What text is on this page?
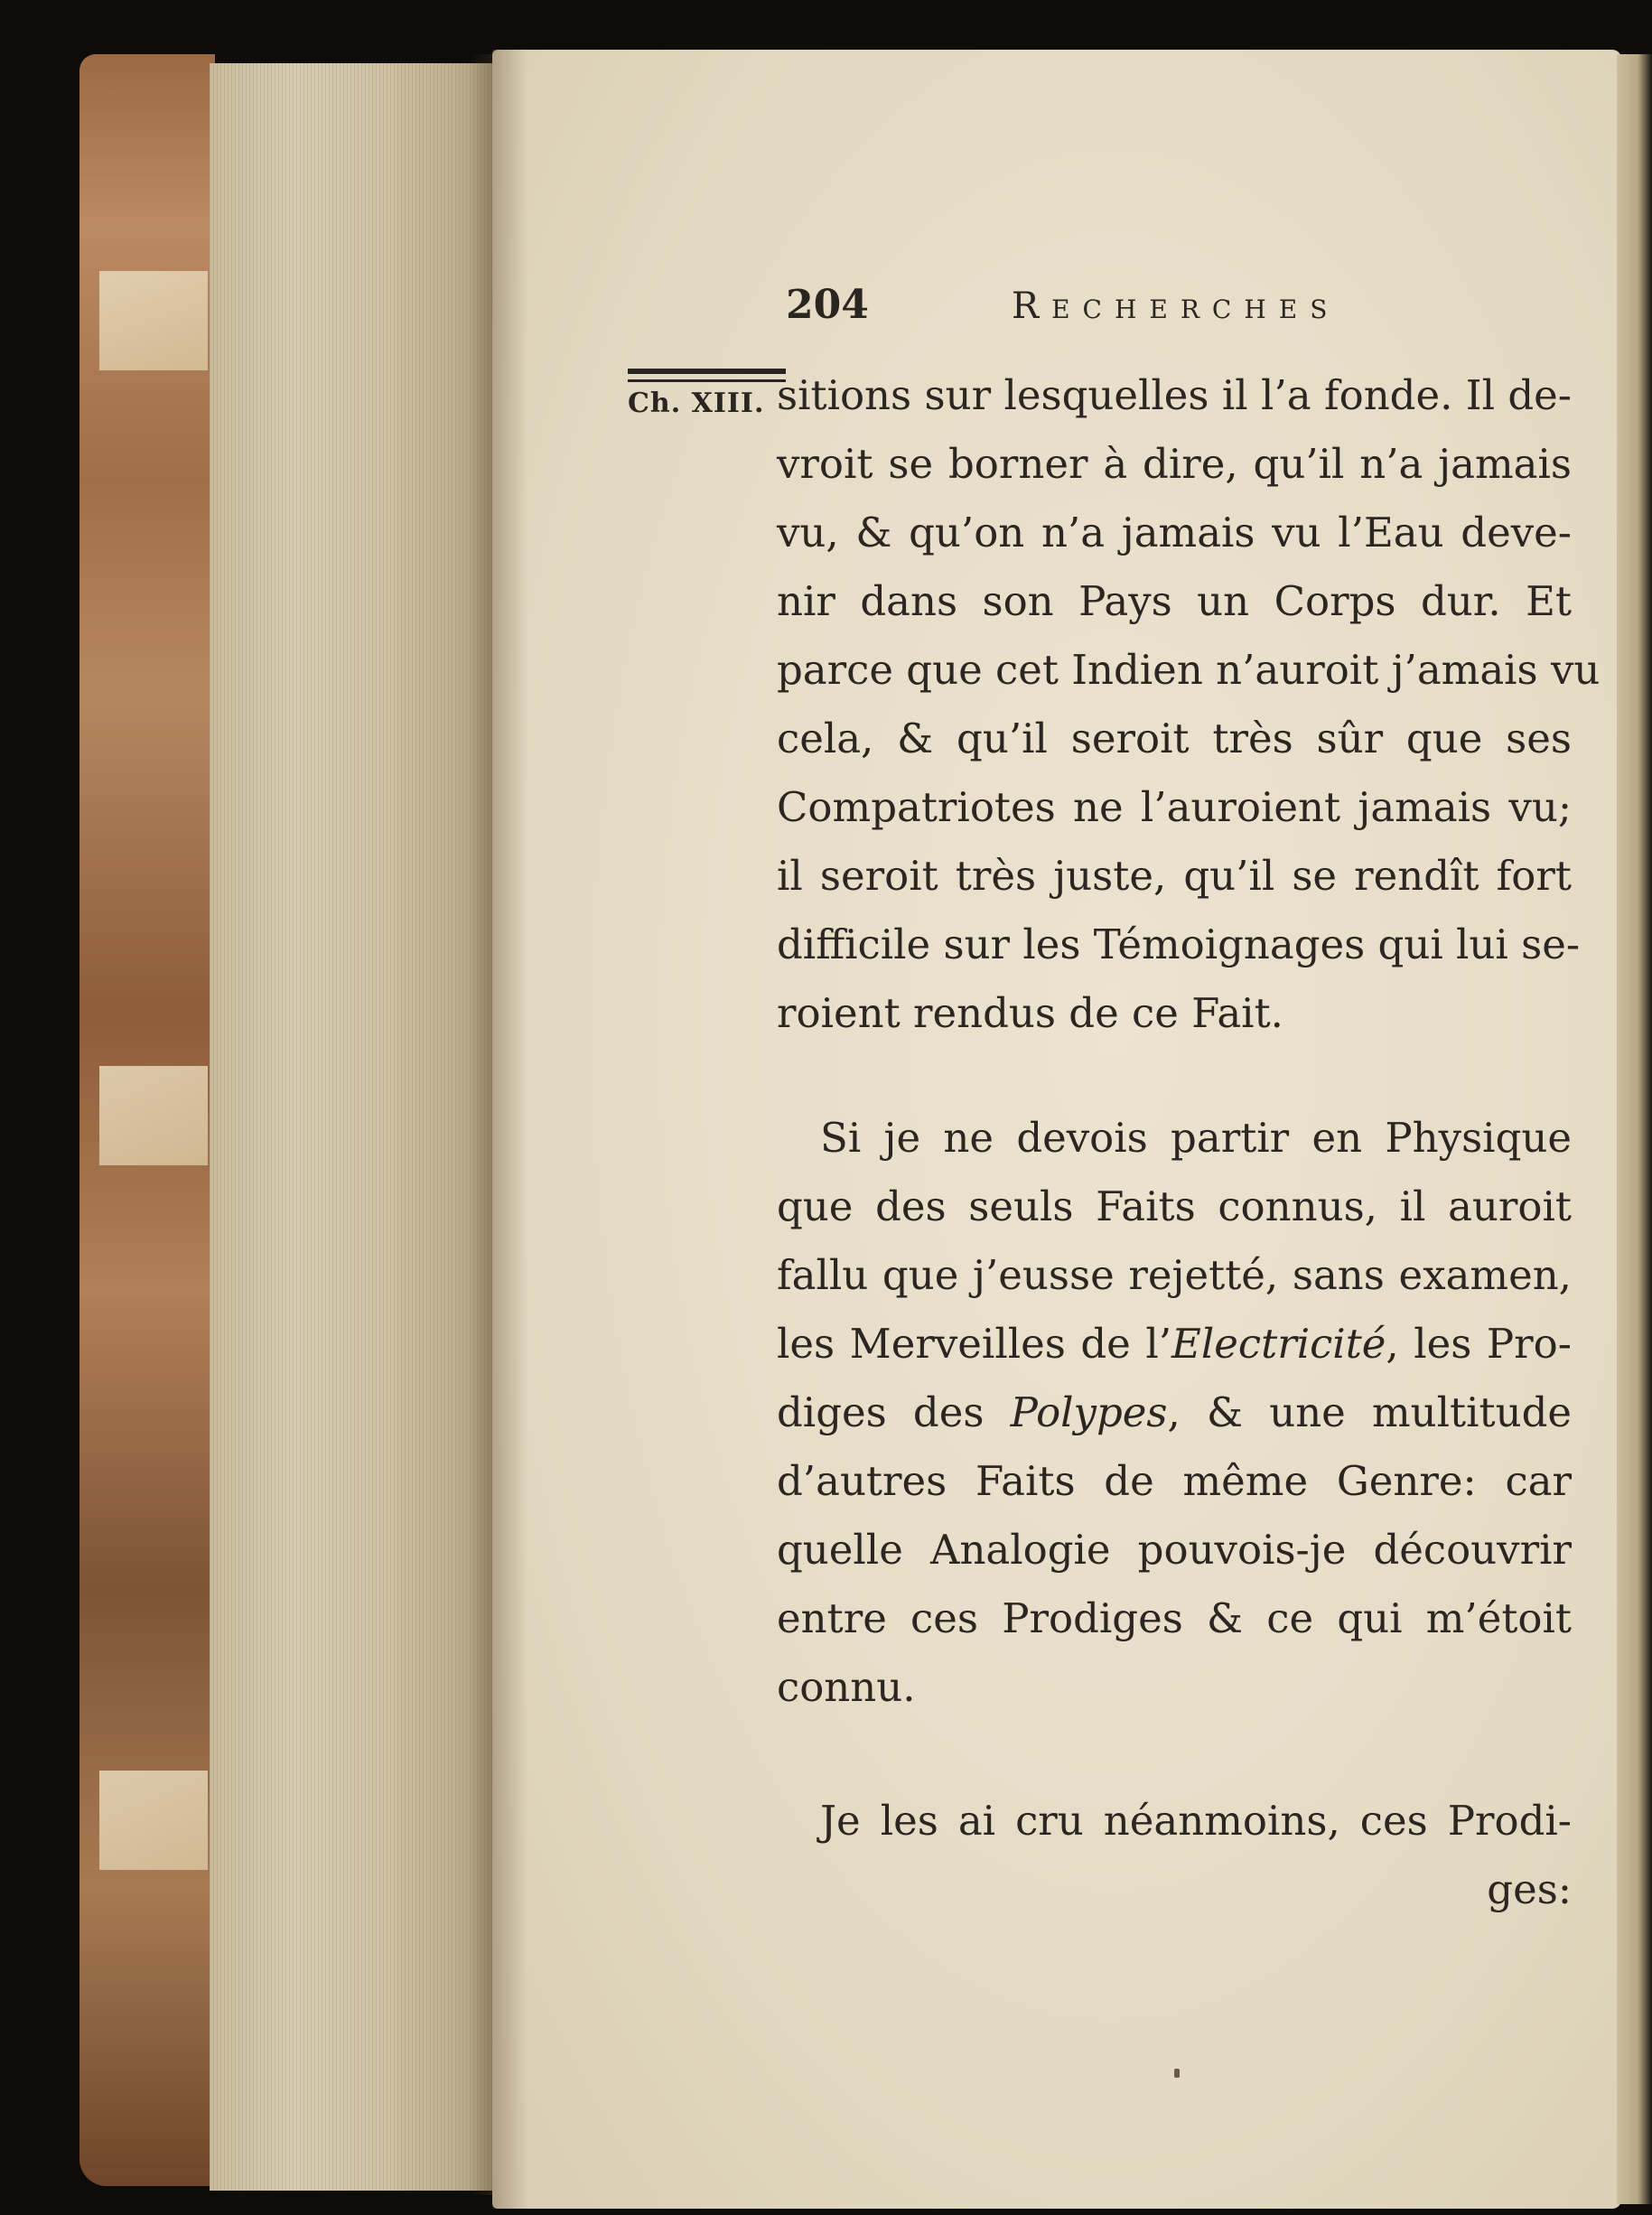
204	Recherches
Ch. XIII. sitions sur lesquelles il l’a fonde. Il de-
vroit se borner à dire, qu’il n’a jamais
vu, & qu’on n’a jamais vu l’Eau deve-
nir dans son Pays un Corps dur. Et
parce que cet Indien n’auroit j’amais vu
cela, & qu’il seroit très sûr que ses
Compatriotes ne l’auroient jamais vu;
il seroit très juste, qu’il se rendît fort
difficile sur les Témoignages qui lui se-
roient rendus de ce Fait.
Si je ne devois partir en Physique
que des seuls Faits connus, il auroit
fallu que j’eusse rejetté, sans examen,
les Merveilles de l’Electricité, les Pro-
diges des Polypes, & une multitude
d’autres Faits de même Genre: car
quelle Analogie pouvois-je découvrir
entre ces Prodiges & ce qui m’étoit
connu.
Je les ai cru néanmoins, ces Prodi-
ges:
